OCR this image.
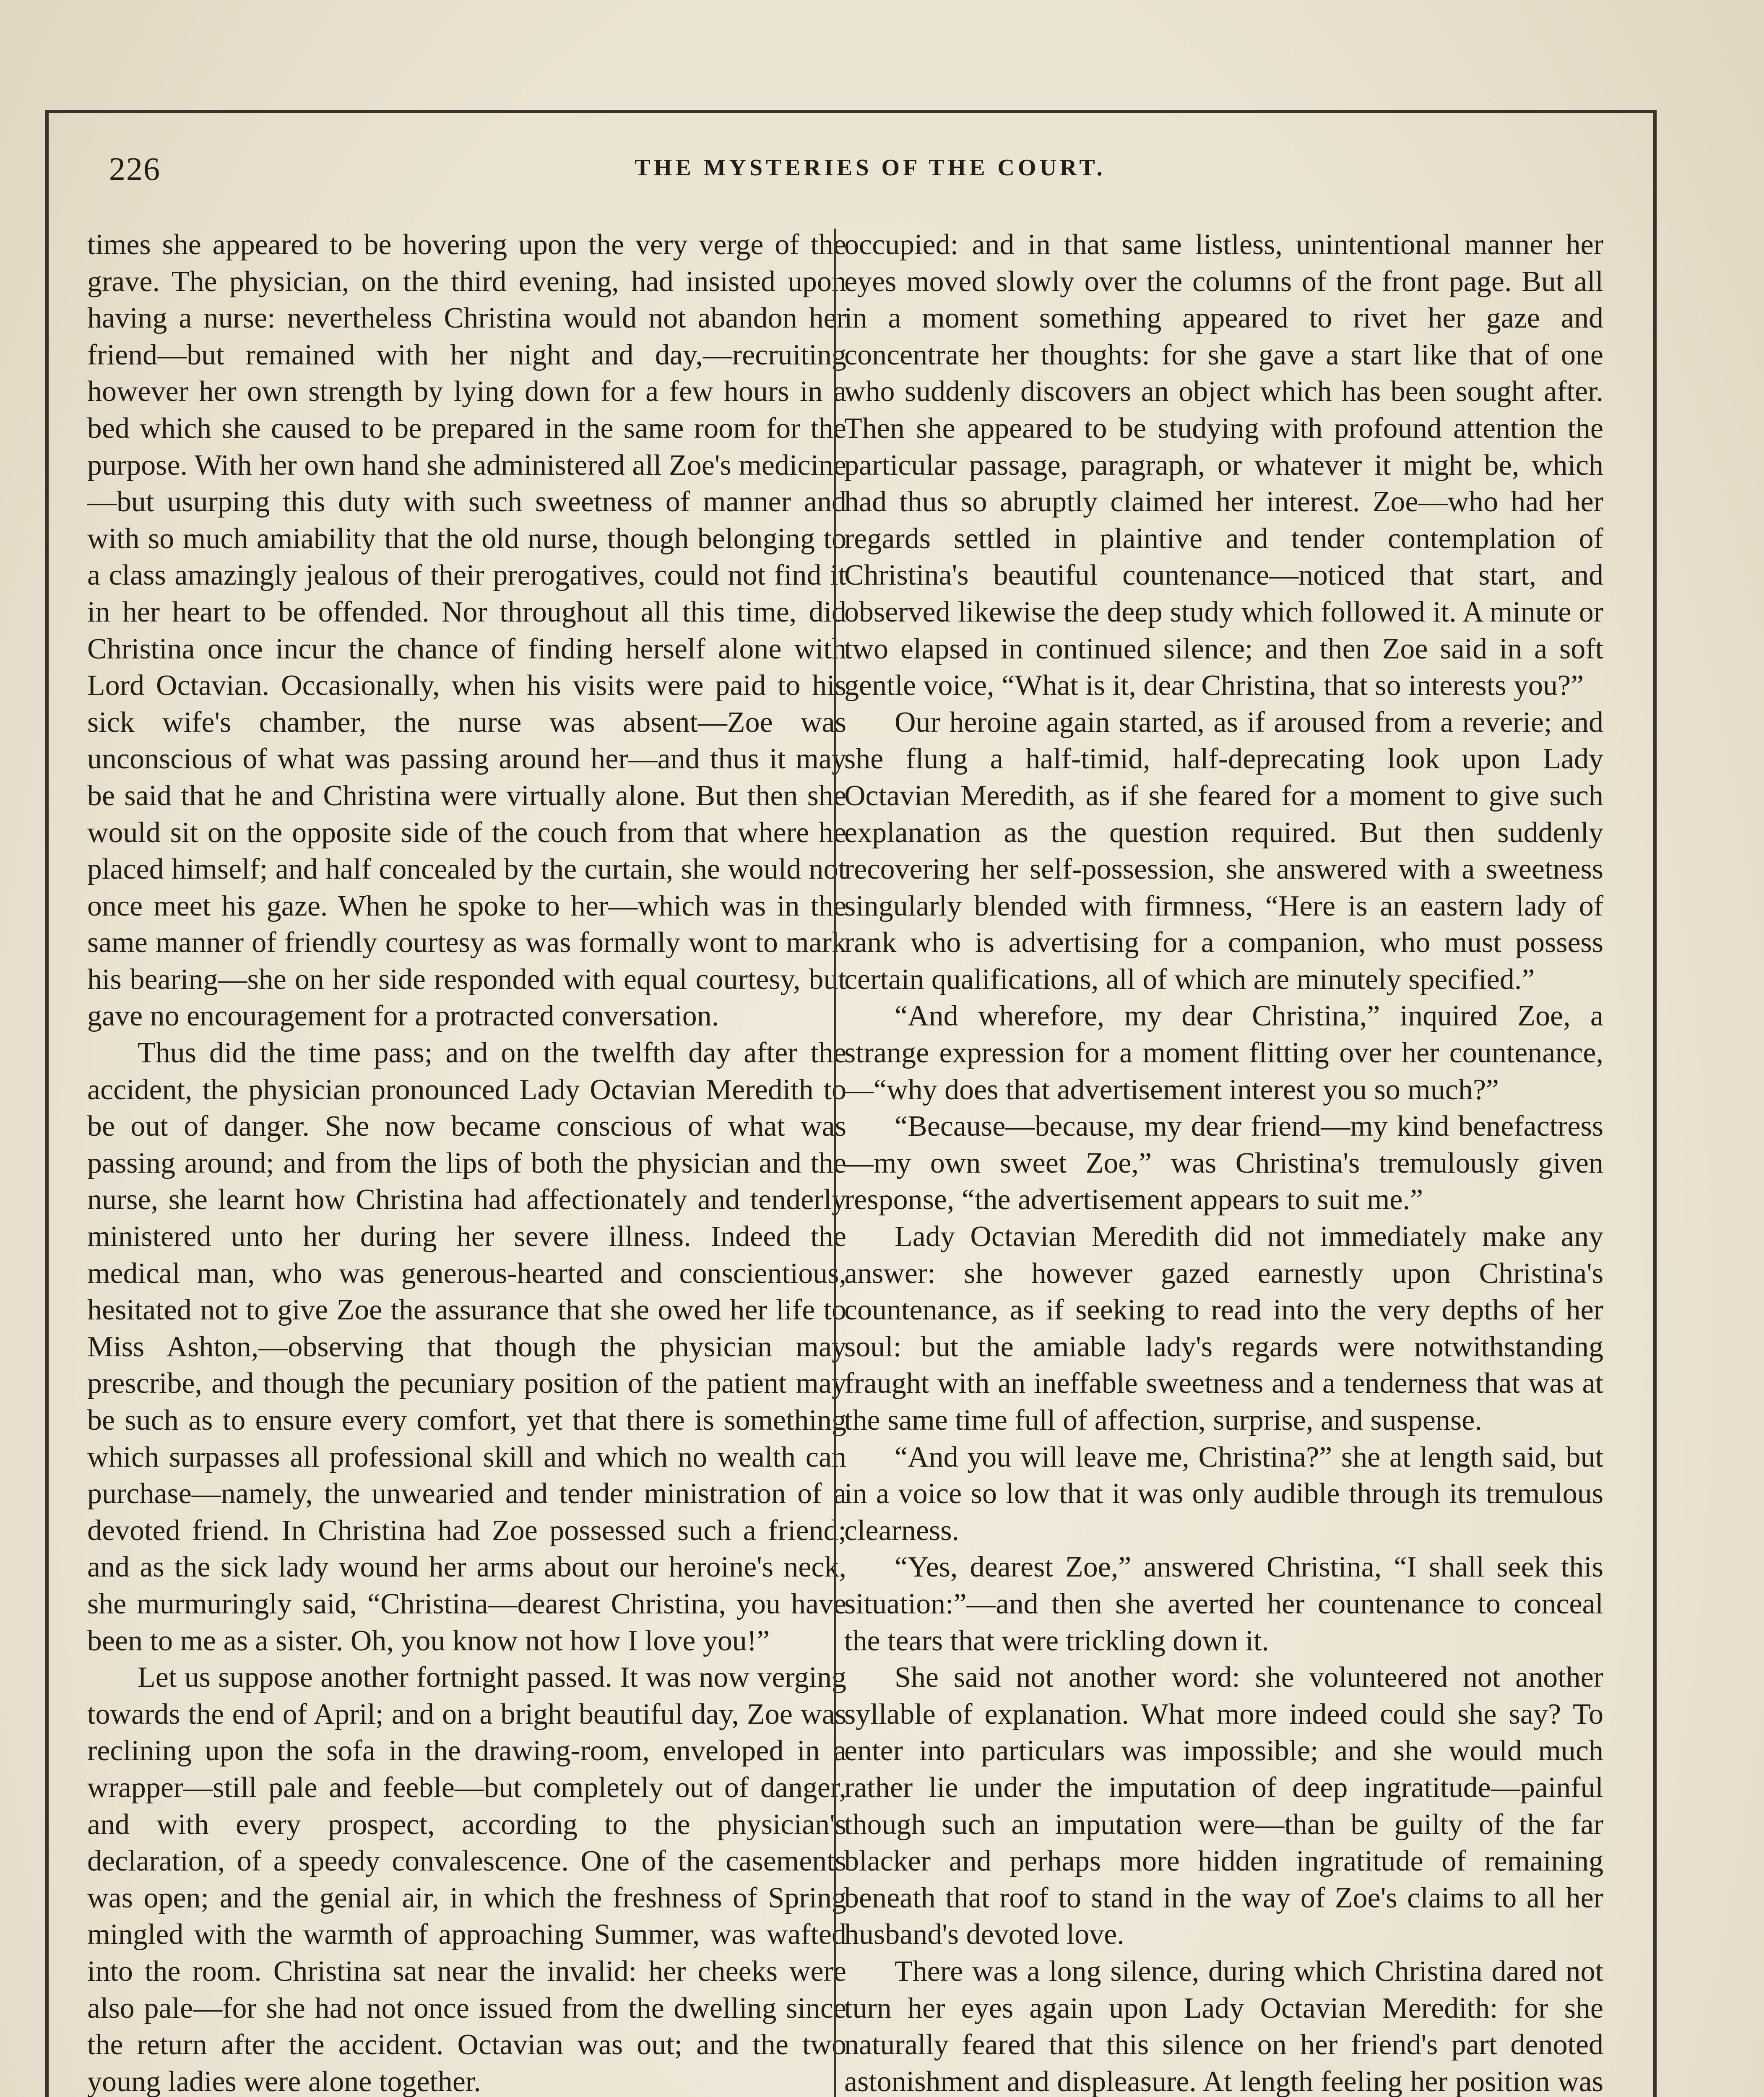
226	THE MYSTERIES OF THE COURT.

times she appeared to be hovering upon the very verge of the grave. The physician, on the third evening, had insisted upon having a nurse: nevertheless Christina would not abandon her friend—but remained with her night and day,—recruiting however her own strength by lying down for a few hours in a bed which she caused to be prepared in the same room for the purpose. With her own hand she administered all Zoe's medicine—but usurping this duty with such sweetness of manner and with so much amiability that the old nurse, though belonging to a class amazingly jealous of their prerogatives, could not find it in her heart to be offended. Nor throughout all this time, did Christina once incur the chance of finding herself alone with Lord Octavian. Occasionally, when his visits were paid to his sick wife's chamber, the nurse was absent—Zoe was unconscious of what was passing around her—and thus it may be said that he and Christina were virtually alone. But then she would sit on the opposite side of the couch from that where he placed himself; and half concealed by the curtain, she would not once meet his gaze. When he spoke to her—which was in the same manner of friendly courtesy as was formally wont to mark his bearing—she on her side responded with equal courtesy, but gave no encouragement for a protracted conversation.

Thus did the time pass; and on the twelfth day after the accident, the physician pronounced Lady Octavian Meredith to be out of danger. She now became conscious of what was passing around; and from the lips of both the physician and the nurse, she learnt how Christina had affectionately and tenderly ministered unto her during her severe illness. Indeed the medical man, who was generous-hearted and conscientious, hesitated not to give Zoe the assurance that she owed her life to Miss Ashton,—observing that though the physician may prescribe, and though the pecuniary position of the patient may be such as to ensure every comfort, yet that there is something which surpasses all professional skill and which no wealth can purchase—namely, the unwearied and tender ministration of a devoted friend. In Christina had Zoe possessed such a friend; and as the sick lady wound her arms about our heroine's neck, she murmuringly said, “Christina—dearest Christina, you have been to me as a sister. Oh, you know not how I love you!”

Let us suppose another fortnight passed. It was now verging towards the end of April; and on a bright beautiful day, Zoe was reclining upon the sofa in the drawing-room, enveloped in a wrapper—still pale and feeble—but completely out of danger, and with every prospect, according to the physician's declaration, of a speedy convalescence. One of the casements was open; and the genial air, in which the freshness of Spring mingled with the warmth of approaching Summer, was wafted into the room. Christina sat near the invalid: her cheeks were also pale—for she had not once issued from the dwelling since the return after the accident. Octavian was out; and the two young ladies were alone together.

occupied: and in that same listless, unintentional manner her eyes moved slowly over the columns of the front page. But all in a moment something appeared to rivet her gaze and concentrate her thoughts: for she gave a start like that of one who suddenly discovers an object which has been sought after. Then she appeared to be studying with profound attention the particular passage, paragraph, or whatever it might be, which had thus so abruptly claimed her interest. Zoe—who had her regards settled in plaintive and tender contemplation of Christina's beautiful countenance—noticed that start, and observed likewise the deep study which followed it. A minute or two elapsed in continued silence; and then Zoe said in a soft gentle voice, “What is it, dear Christina, that so interests you?”

Our heroine again started, as if aroused from a reverie; and she flung a half-timid, half-deprecating look upon Lady Octavian Meredith, as if she feared for a moment to give such explanation as the question required. But then suddenly recovering her self-possession, she answered with a sweetness singularly blended with firmness, “Here is an eastern lady of rank who is advertising for a companion, who must possess certain qualifications, all of which are minutely specified.”

“And wherefore, my dear Christina,” inquired Zoe, a strange expression for a moment flitting over her countenance,—“why does that advertisement interest you so much?”

“Because—because, my dear friend—my kind benefactress—my own sweet Zoe,” was Christina's tremulously given response, “the advertisement appears to suit me.”

Lady Octavian Meredith did not immediately make any answer: she however gazed earnestly upon Christina's countenance, as if seeking to read into the very depths of her soul: but the amiable lady's regards were notwithstanding fraught with an ineffable sweetness and a tenderness that was at the same time full of affection, surprise, and suspense.

“And you will leave me, Christina?” she at length said, but in a voice so low that it was only audible through its tremulous clearness.

“Yes, dearest Zoe,” answered Christina, “I shall seek this situation:”—and then she averted her countenance to conceal the tears that were trickling down it.

She said not another word: she volunteered not another syllable of explanation. What more indeed could she say? To enter into particulars was impossible; and she would much rather lie under the imputation of deep ingratitude—painful though such an imputation were—than be guilty of the far blacker and perhaps more hidden ingratitude of remaining beneath that roof to stand in the way of Zoe's claims to all her husband's devoted love.

There was a long silence, during which Christina dared not turn her eyes again upon Lady Octavian Meredith: for she naturally feared that this silence on her friend's part denoted astonishment and displeasure. At length feeling her position was
